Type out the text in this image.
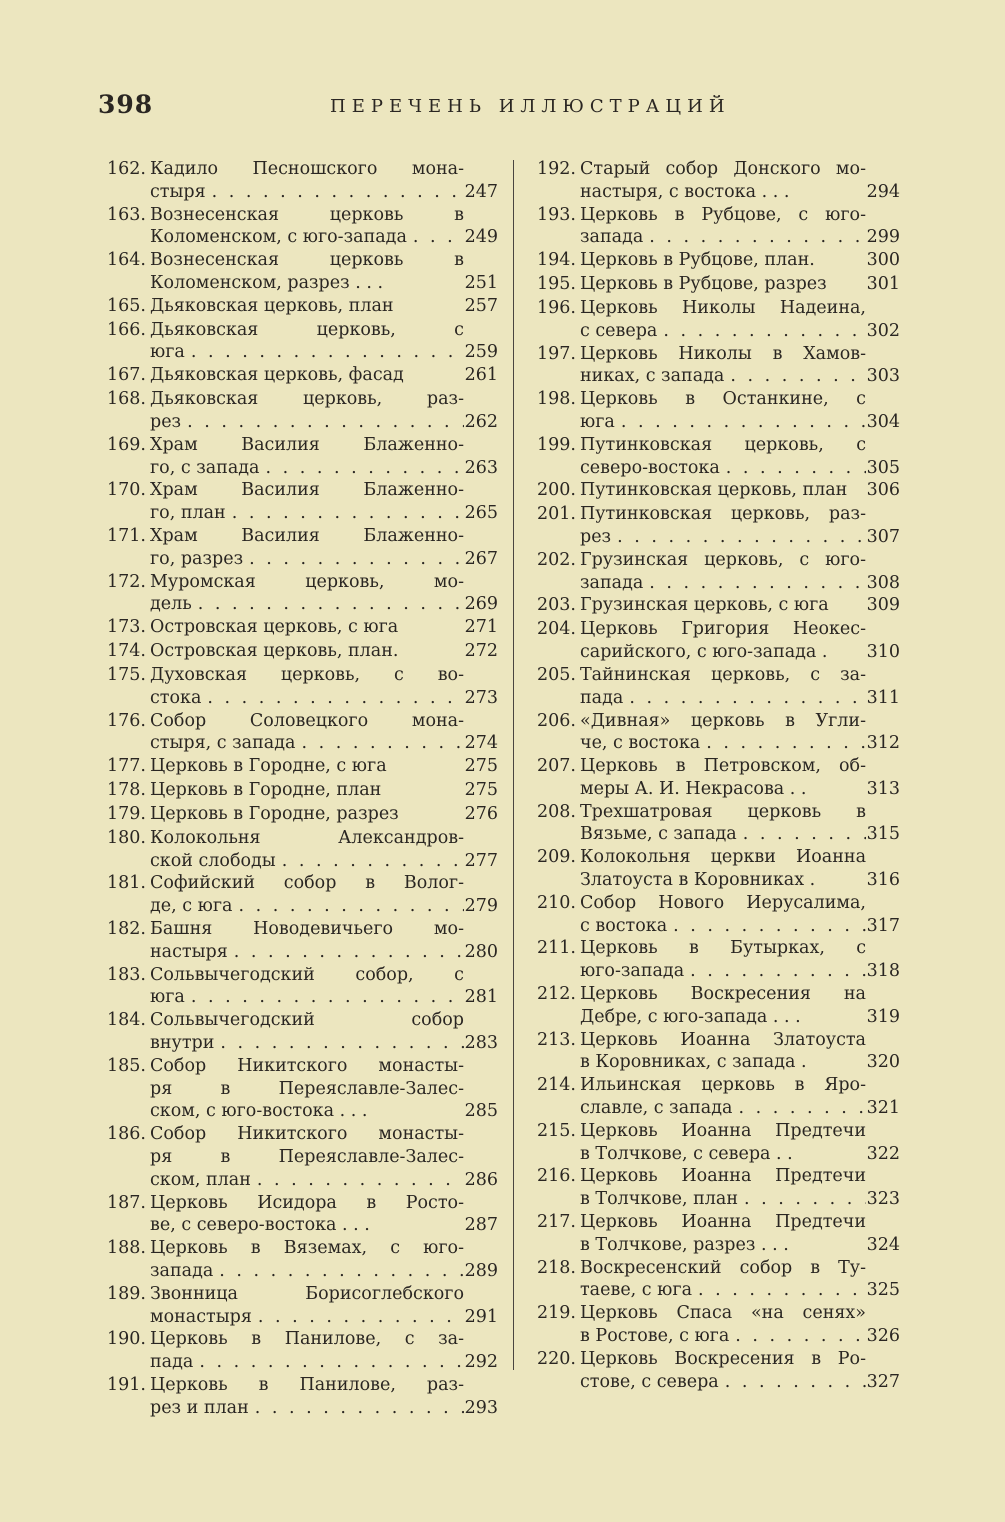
398	ПЕРЕЧЕНЬ ИЛЛЮСТРАЦИЙ
162. Кадило Песношского мона-
стыря . . .	247
163. Вознесенская церковь в
Коломенском, с юго-запада . . .	249
164. Вознесенская церковь в
Коломенском, разрез . . .	251
165. Дьяковская церковь, план	257
166. Дьяковская церковь, с
юга . . .	259
167. Дьяковская церковь, фасад	261
168. Дьяковская церковь, раз-
рез . . .	262
169. Храм Василия Блаженно-
го, с запада . . .	263
170. Храм Василия Блаженно-
го, план . . .	265
171. Храм Василия Блаженно-
го, разрез . . .	267
172. Муромская церковь, мо-
дель . . .	269
173. Островская церковь, с юга	271
174. Островская церковь, план.	272
175. Духовская церковь, с во-
стока . . .	273
176. Собор Соловецкого мона-
стыря, с запада . . .	274
177. Церковь в Городне, с юга	275
178. Церковь в Городне, план	275
179. Церковь в Городне, разрез	276
180. Колокольня Александров-
ской слободы . . .	277
181. Софийский собор в Волог-
де, с юга . . .	279
182. Башня Новодевичьего мо-
настыря . . .	280
183. Сольвычегодский собор, с
юга . . .	281
184. Сольвычегодский собор
внутри . . .	283
185. Собор Никитского монасты-
ря в Переяславле-Залес-
ском, с юго-востока . . .	285
186. Собор Никитского монасты-
ря в Переяславле-Залес-
ском, план . . .	286
187. Церковь Исидора в Росто-
ве, с северо-востока . . .	287
188. Церковь в Вяземах, с юго-
запада . . .	289
189. Звонница Борисоглебского
монастыря . . .	291
190. Церковь в Панилове, с за-
пада . . .	292
191. Церковь в Панилове, раз-
рез и план . . .	293
192. Старый собор Донского мо-
настыря, с востока . . .	294
193. Церковь в Рубцове, с юго-
запада . . .	299
194. Церковь в Рубцове, план.	300
195. Церковь в Рубцове, разрез	301
196. Церковь Николы Надеина,
с севера . . .	302
197. Церковь Николы в Хамов-
никах, с запада . . .	303
198. Церковь в Останкине, с
юга . . .	304
199. Путинковская церковь, с
северо-востока . . .	305
200. Путинковская церковь, план	306
201. Путинковская церковь, раз-
рез . . .	307
202. Грузинская церковь, с юго-
запада . . .	308
203. Грузинская церковь, с юга	309
204. Церковь Григория Неокес-
сарийского, с юго-запада .	310
205. Тайнинская церковь, с за-
пада . . .	311
206. «Дивная» церковь в Угли-
че, с востока . . .	312
207. Церковь в Петровском, об-
меры А. И. Некрасова . .	313
208. Трехшатровая церковь в
Вязьме, с запада . . .	315
209. Колокольня церкви Иоанна
Златоуста в Коровниках .	316
210. Собор Нового Иерусалима,
с востока . . .	317
211. Церковь в Бутырках, с
юго-запада . . .	318
212. Церковь Воскресения на
Дебре, с юго-запада . . .	319
213. Церковь Иоанна Златоуста
в Коровниках, с запада .	320
214. Ильинская церковь в Яро-
славле, с запада . . .	321
215. Церковь Иоанна Предтечи
в Толчкове, с севера . .	322
216. Церковь Иоанна Предтечи
в Толчкове, план . . .	323
217. Церковь Иоанна Предтечи
в Толчкове, разрез . . .	324
218. Воскресенский собор в Ту-
таеве, с юга . . .	325
219. Церковь Спаса «на сенях»
в Ростове, с юга . . .	326
220. Церковь Воскресения в Ро-
стове, с севера . . .	327
